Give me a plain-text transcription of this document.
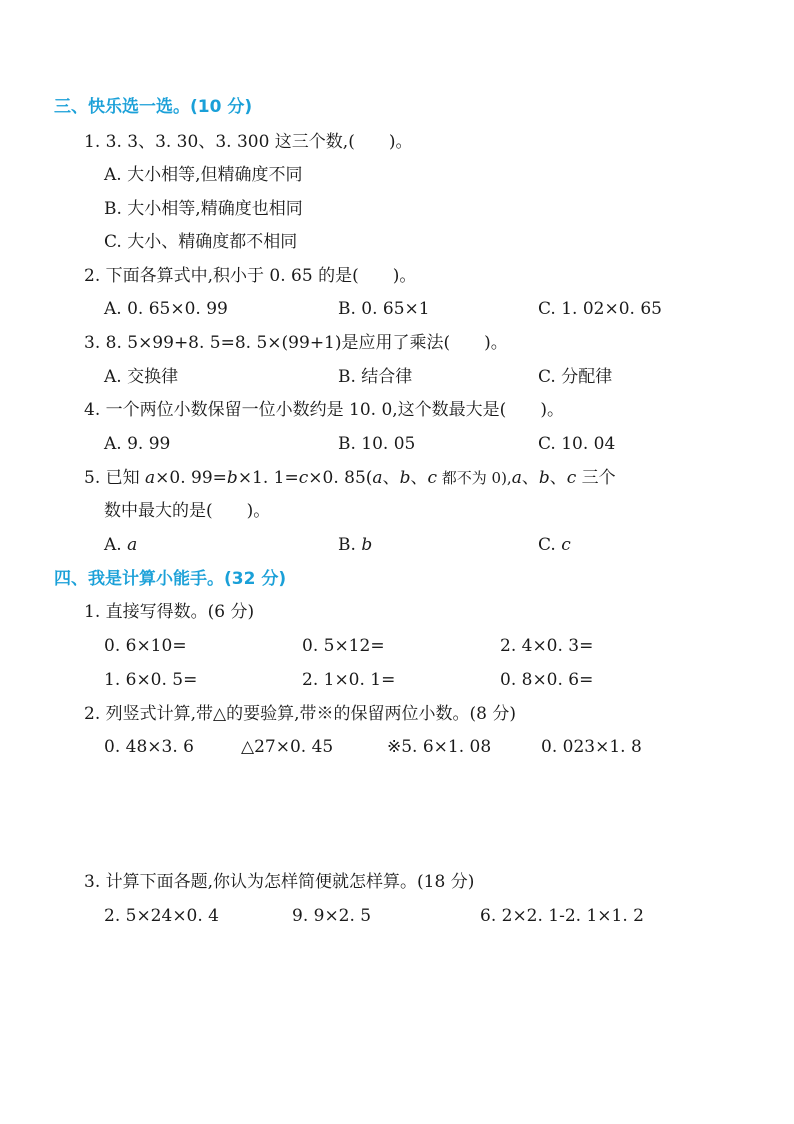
三、快乐选一选。(10 分)
1. 3. 3、3. 30、3. 300 这三个数,(　　)。
A. 大小相等,但精确度不同
B. 大小相等,精确度也相同
C. 大小、精确度都不相同
2. 下面各算式中,积小于 0. 65 的是(　　)。
A. 0. 65×0. 99	B. 0. 65×1	C. 1. 02×0. 65
3. 8. 5×99+8. 5=8. 5×(99+1)是应用了乘法(　　)。
A. 交换律	B. 结合律	C. 分配律
4. 一个两位小数保留一位小数约是 10. 0,这个数最大是(　　)。
A. 9. 99	B. 10. 05	C. 10. 04
5. 已知 a×0. 99=b×1. 1=c×0. 85(a、b、c 都不为 0),a、b、c 三个
数中最大的是(　　)。
A. a	B. b	C. c
四、我是计算小能手。(32 分)
1. 直接写得数。(6 分)
0. 6×10=	0. 5×12=	2. 4×0. 3=
1. 6×0. 5=	2. 1×0. 1=	0. 8×0. 6=
2. 列竖式计算,带△的要验算,带※的保留两位小数。(8 分)
0. 48×3. 6	△27×0. 45	※5. 6×1. 08	0. 023×1. 8
3. 计算下面各题,你认为怎样简便就怎样算。(18 分)
2. 5×24×0. 4	9. 9×2. 5	6. 2×2. 1-2. 1×1. 2
